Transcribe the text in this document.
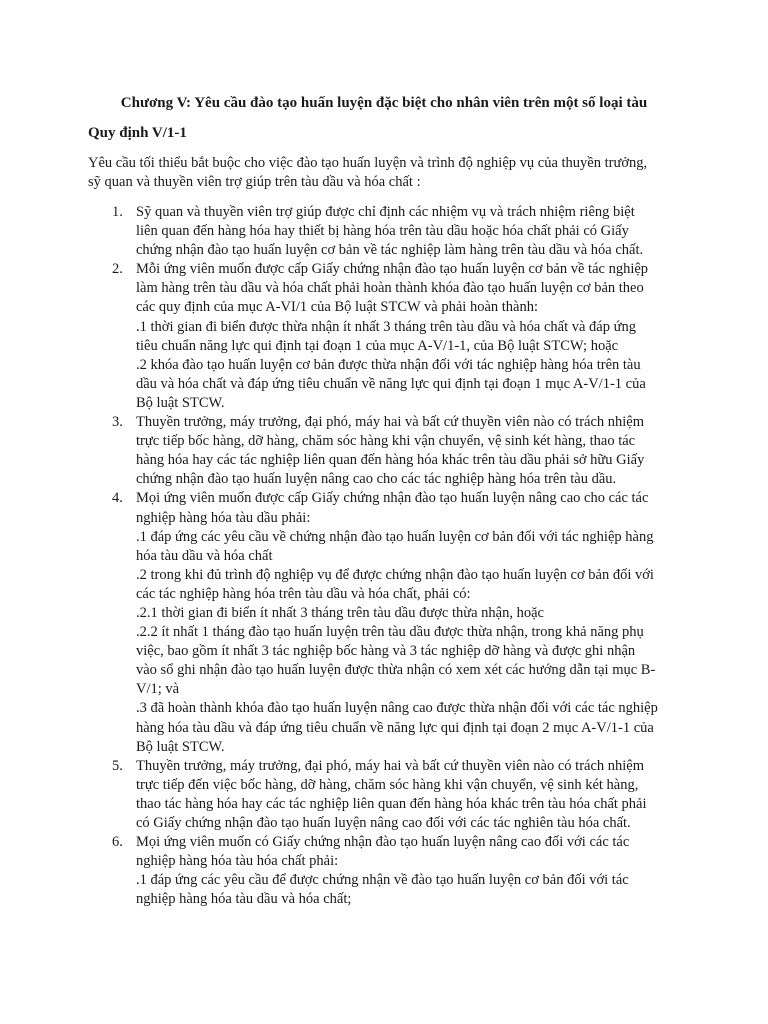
Chương V: Yêu cầu đào tạo huấn luyện đặc biệt cho nhân viên trên một số loại tàu
Quy định V/1-1

Yêu cầu tối thiểu bắt buộc cho việc đào tạo huấn luyện và trình độ nghiệp vụ của thuyền trưởng,
sỹ quan và thuyền viên trợ giúp trên tàu dầu và hóa chất :

1. Sỹ quan và thuyền viên trợ giúp được chỉ định các nhiệm vụ và trách nhiệm riêng biệt
liên quan đến hàng hóa hay thiết bị hàng hóa trên tàu dầu hoặc hóa chất phải có Giấy
chứng nhận đào tạo huấn luyện cơ bản về tác nghiệp làm hàng trên tàu dầu và hóa chất.
2. Mỗi ứng viên muốn được cấp Giấy chứng nhận đào tạo huấn luyện cơ bản về tác nghiệp
làm hàng trên tàu dầu và hóa chất phải hoàn thành khóa đào tạo huấn luyện cơ bản theo
các quy định của mục A-VI/1 của Bộ luật STCW và phải hoàn thành:
.1 thời gian đi biển được thừa nhận ít nhất 3 tháng trên tàu dầu và hóa chất và đáp ứng
tiêu chuẩn năng lực qui định tại đoạn 1 của mục A-V/1-1, của Bộ luật STCW; hoặc
.2 khóa đào tạo huấn luyện cơ bản được thừa nhận đối với tác nghiệp hàng hóa trên tàu
dầu và hóa chất và đáp ứng tiêu chuẩn về năng lực qui định tại đoạn 1 mục A-V/1-1 của
Bộ luật STCW.
3. Thuyền trưởng, máy trưởng, đại phó, máy hai và bất cứ thuyền viên nào có trách nhiệm
trực tiếp bốc hàng, dỡ hàng, chăm sóc hàng khi vận chuyển, vệ sinh két hàng, thao tác
hàng hóa hay các tác nghiệp liên quan đến hàng hóa khác trên tàu dầu phải sở hữu Giấy
chứng nhận đào tạo huấn luyện nâng cao cho các tác nghiệp hàng hóa trên tàu dầu.
4. Mọi ứng viên muốn được cấp Giấy chứng nhận đào tạo huấn luyện nâng cao cho các tác
nghiệp hàng hóa tàu dầu phải:
.1 đáp ứng các yêu cầu về chứng nhận đào tạo huấn luyện cơ bản đối với tác nghiệp hàng
hóa tàu dầu và hóa chất
.2 trong khi đủ trình độ nghiệp vụ để được chứng nhận đào tạo huấn luyện cơ bản đối với
các tác nghiệp hàng hóa trên tàu dầu và hóa chất, phải có:
.2.1 thời gian đi biển ít nhất 3 tháng trên tàu dầu được thừa nhận, hoặc
.2.2 ít nhất 1 tháng đào tạo huấn luyện trên tàu dầu được thừa nhận, trong khả năng phụ
việc, bao gồm ít nhất 3 tác nghiệp bốc hàng và 3 tác nghiệp dỡ hàng và được ghi nhận
vào sổ ghi nhận đào tạo huấn luyện được thừa nhận có xem xét các hướng dẫn tại mục B-
V/1; và
.3 đã hoàn thành khóa đào tạo huấn luyện nâng cao được thừa nhận đối với các tác nghiệp
hàng hóa tàu dầu và đáp ứng tiêu chuẩn về năng lực qui định tại đoạn 2 mục A-V/1-1 của
Bộ luật STCW.
5. Thuyền trưởng, máy trưởng, đại phó, máy hai và bất cứ thuyền viên nào có trách nhiệm
trực tiếp đến việc bốc hàng, dỡ hàng, chăm sóc hàng khi vận chuyển, vệ sinh két hàng,
thao tác hàng hóa hay các tác nghiệp liên quan đến hàng hóa khác trên tàu hóa chất phải
có Giấy chứng nhận đào tạo huấn luyện nâng cao đối với các tác nghiên tàu hóa chất.
6. Mọi ứng viên muốn có Giấy chứng nhận đào tạo huấn luyện nâng cao đối với các tác
nghiệp hàng hóa tàu hóa chất phải:
.1 đáp ứng các yêu cầu để được chứng nhận về đào tạo huấn luyện cơ bản đối với tác
nghiệp hàng hóa tàu dầu và hóa chất;
